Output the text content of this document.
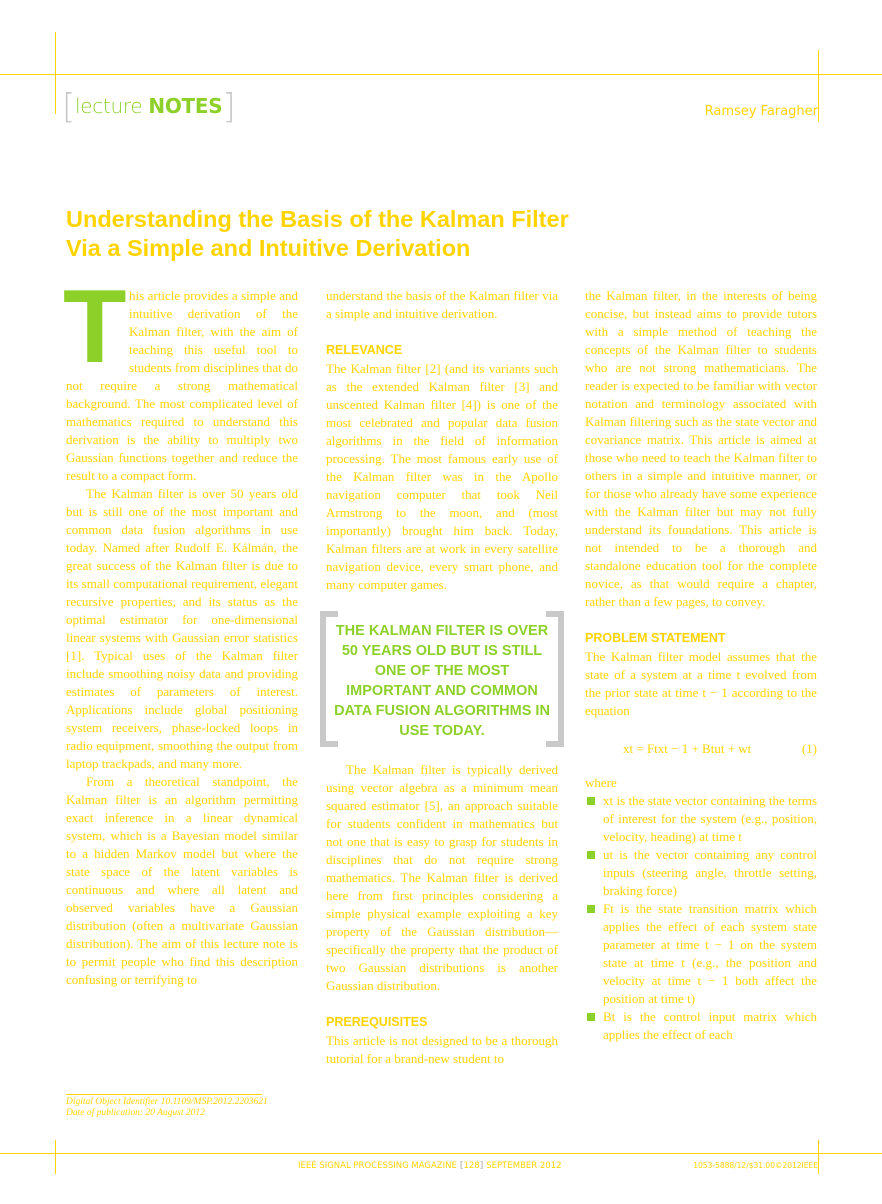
[lecture NOTES]	Ramsey Faragher
Understanding the Basis of the Kalman Filter
Via a Simple and Intuitive Derivation
T his article provides a simple and intuitive derivation of the Kalman filter, with the aim of teaching this useful tool to students from disciplines that do not require a strong mathematical background. The most complicated level of mathematics required to understand this derivation is the ability to multiply two Gaussian functions together and reduce the result to a compact form.

The Kalman filter is over 50 years old but is still one of the most important and common data fusion algorithms in use today. Named after Rudolf E. Kálmán, the great success of the Kalman filter is due to its small computational requirement, elegant recursive properties, and its status as the optimal estimator for one-dimensional linear systems with Gaussian error statistics [1]. Typical uses of the Kalman filter include smoothing noisy data and providing estimates of parameters of interest. Applications include global positioning system receivers, phase-locked loops in radio equipment, smoothing the output from laptop trackpads, and many more.

From a theoretical standpoint, the Kalman filter is an algorithm permitting exact inference in a linear dynamical system, which is a Bayesian model similar to a hidden Markov model but where the state space of the latent variables is continuous and where all latent and observed variables have a Gaussian distribution (often a multivariate Gaussian distribution). The aim of this lecture note is to permit people who find this description confusing or terrifying to

Digital Object Identifier 10.1109/MSP.2012.2203621
Date of publication: 20 August 2012

understand the basis of the Kalman filter via a simple and intuitive derivation.

RELEVANCE

The Kalman filter [2] (and its variants such as the extended Kalman filter [3] and unscented Kalman filter [4]) is one of the most celebrated and popular data fusion algorithms in the field of information processing. The most famous early use of the Kalman filter was in the Apollo navigation computer that took Neil Armstrong to the moon, and (most importantly) brought him back. Today, Kalman filters are at work in every satellite navigation device, every smart phone, and many computer games.

THE KALMAN FILTER IS OVER 50 YEARS OLD BUT IS STILL ONE OF THE MOST IMPORTANT AND COMMON DATA FUSION ALGORITHMS IN USE TODAY.

The Kalman filter is typically derived using vector algebra as a minimum mean squared estimator [5], an approach suitable for students confident in mathematics but not one that is easy to grasp for students in disciplines that do not require strong mathematics. The Kalman filter is derived here from first principles considering a simple physical example exploiting a key property of the Gaussian distribution—specifically the property that the product of two Gaussian distributions is another Gaussian distribution.

PREREQUISITES

This article is not designed to be a thorough tutorial for a brand-new student to

the Kalman filter, in the interests of being concise, but instead aims to provide tutors with a simple method of teaching the concepts of the Kalman filter to students who are not strong mathematicians. The reader is expected to be familiar with vector notation and terminology associated with Kalman filtering such as the state vector and covariance matrix. This article is aimed at those who need to teach the Kalman filter to others in a simple and intuitive manner, or for those who already have some experience with the Kalman filter but may not fully understand its foundations. This article is not intended to be a thorough and standalone education tool for the complete novice, as that would require a chapter, rather than a few pages, to convey.

PROBLEM STATEMENT

The Kalman filter model assumes that the state of a system at a time t evolved from the prior state at time t − 1 according to the equation

xt = Ftxt − 1 + Btut + wt	(1)

where

xt is the state vector containing the terms of interest for the system (e.g., position, velocity, heading) at time t

ut is the vector containing any control inputs (steering angle, throttle setting, braking force)

Ft is the state transition matrix which applies the effect of each system state parameter at time t − 1 on the system state at time t (e.g., the position and velocity at time t − 1 both affect the position at time t)

Bt is the control input matrix which applies the effect of each

IEEE SIGNAL PROCESSING MAGAZINE [128] SEPTEMBER 2012	1053-5888/12/$31.00©2012IEEE
